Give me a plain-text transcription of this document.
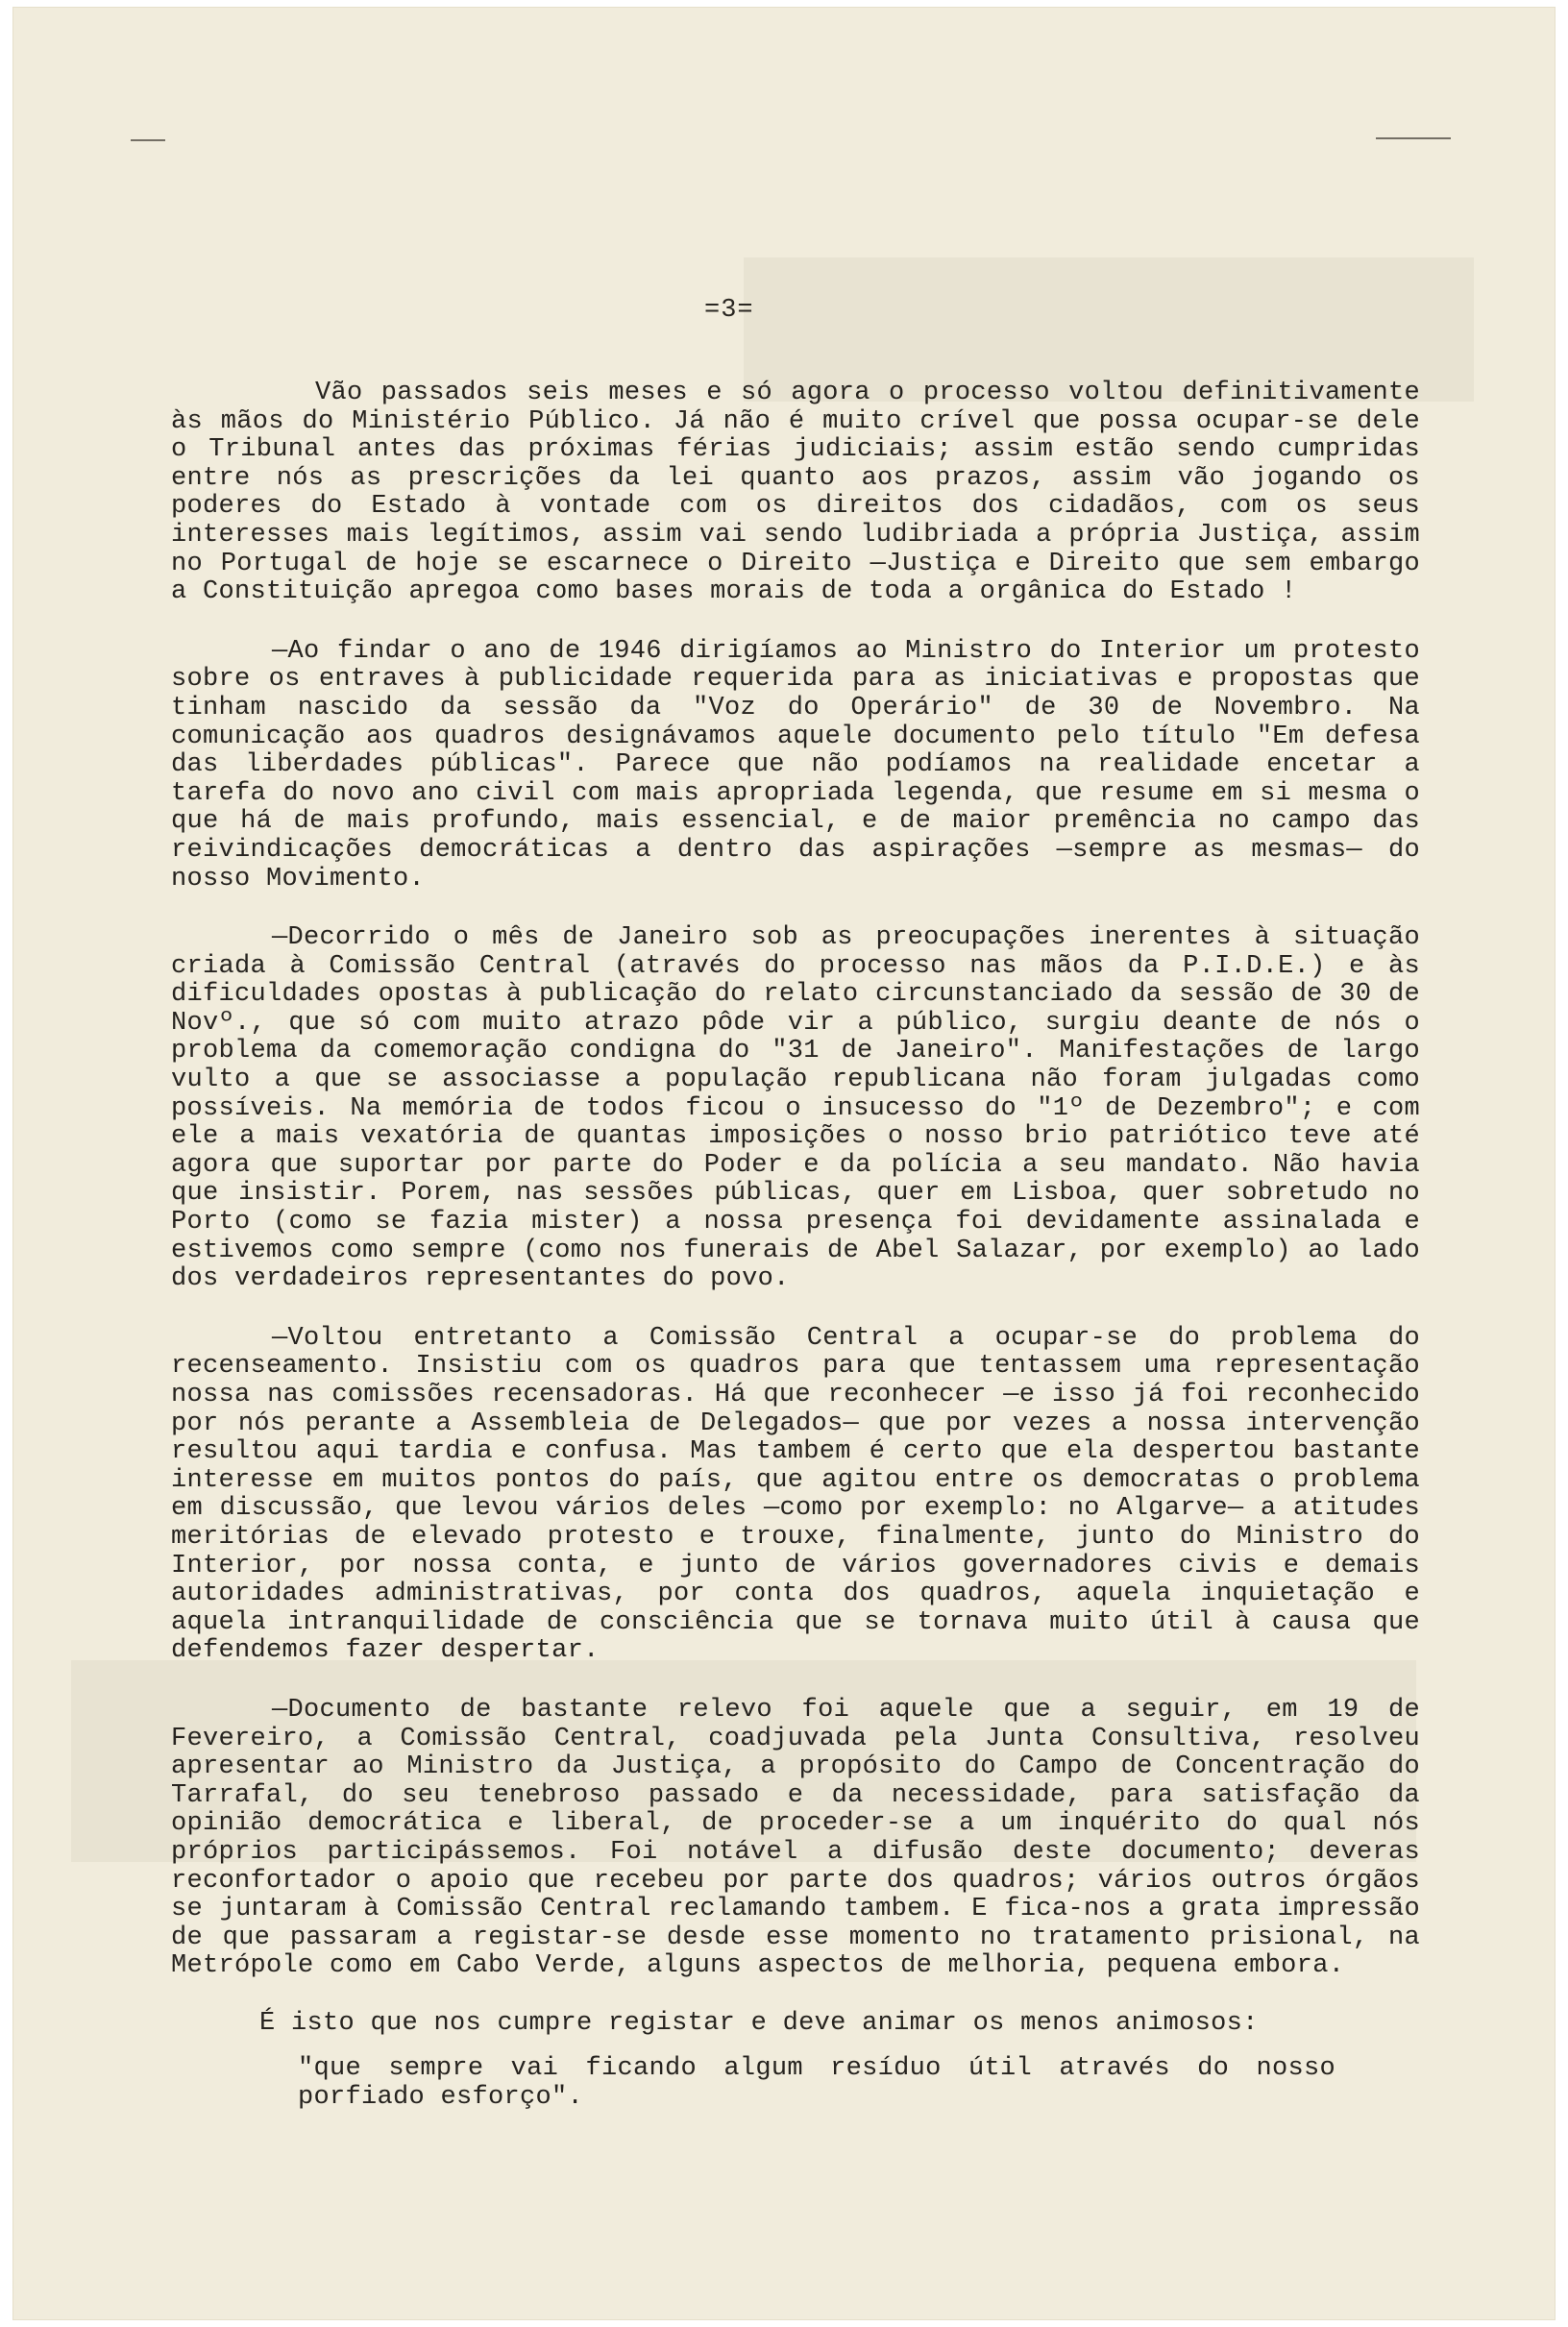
=3=

Vão passados seis meses e só agora o processo voltou definitivamente às mãos do Ministério Público. Já não é muito crível que possa ocupar-se dele o Tribunal antes das próximas férias judiciais; assim estão sendo cumpridas entre nós as prescrições da lei quanto aos prazos, assim vão jogando os poderes do Estado à vontade com os direitos dos cidadãos, com os seus interesses mais legítimos, assim vai sendo ludibriada a própria Justiça, assim no Portugal de hoje se escarnece o Direito —Justiça e Direito que sem embargo a Constituição apregoa como bases morais de toda a orgânica do Estado !

—Ao findar o ano de 1946 dirigíamos ao Ministro do Interior um protesto sobre os entraves à publicidade requerida para as iniciativas e propostas que tinham nascido da sessão da "Voz do Operário" de 30 de Novembro. Na comunicação aos quadros designávamos aquele documento pelo título "Em defesa das liberdades públicas". Parece que não podíamos na realidade encetar a tarefa do novo ano civil com mais apropriada legenda, que resume em si mesma o que há de mais profundo, mais essencial, e de maior premência no campo das reivindicações democráticas a dentro das aspirações —sempre as mesmas— do nosso Movimento.

—Decorrido o mês de Janeiro sob as preocupações inerentes à situação criada à Comissão Central (através do processo nas mãos da P.I.D.E.) e às dificuldades opostas à publicação do relato circunstanciado da sessão de 30 de Novº., que só com muito atrazo pôde vir a público, surgiu deante de nós o problema da comemoração condigna do "31 de Janeiro". Manifestações de largo vulto a que se associasse a população republicana não foram julgadas como possíveis. Na memória de todos ficou o insucesso do "1º de Dezembro"; e com ele a mais vexatória de quantas imposições o nosso brio patriótico teve até agora que suportar por parte do Poder e da polícia a seu mandato. Não havia que insistir. Porem, nas sessões públicas, quer em Lisboa, quer sobretudo no Porto (como se fazia mister) a nossa presença foi devidamente assinalada e estivemos como sempre (como nos funerais de Abel Salazar, por exemplo) ao lado dos verdadeiros representantes do povo.

—Voltou entretanto a Comissão Central a ocupar-se do problema do recenseamento. Insistiu com os quadros para que tentassem uma representação nossa nas comissões recensadoras. Há que reconhecer —e isso já foi reconhecido por nós perante a Assembleia de Delegados— que por vezes a nossa intervenção resultou aqui tardia e confusa. Mas tambem é certo que ela despertou bastante interesse em muitos pontos do país, que agitou entre os democratas o problema em discussão, que levou vários deles —como por exemplo: no Algarve— a atitudes meritórias de elevado protesto e trouxe, finalmente, junto do Ministro do Interior, por nossa conta, e junto de vários governadores civis e demais autoridades administrativas, por conta dos quadros, aquela inquietação e aquela intranquilidade de consciência que se tornava muito útil à causa que defendemos fazer despertar.

—Documento de bastante relevo foi aquele que a seguir, em 19 de Fevereiro, a Comissão Central, coadjuvada pela Junta Consultiva, resolveu apresentar ao Ministro da Justiça, a propósito do Campo de Concentração do Tarrafal, do seu tenebroso passado e da necessidade, para satisfação da opinião democrática e liberal, de proceder-se a um inquérito do qual nós próprios participássemos. Foi notável a difusão deste documento; deveras reconfortador o apoio que recebeu por parte dos quadros; vários outros órgãos se juntaram à Comissão Central reclamando tambem. E fica-nos a grata impressão de que passaram a registar-se desde esse momento no tratamento prisional, na Metrópole como em Cabo Verde, alguns aspectos de melhoria, pequena embora.

É isto que nos cumpre registar e deve animar os menos animosos:

"que sempre vai ficando algum resíduo útil através do nosso porfiado esforço".
